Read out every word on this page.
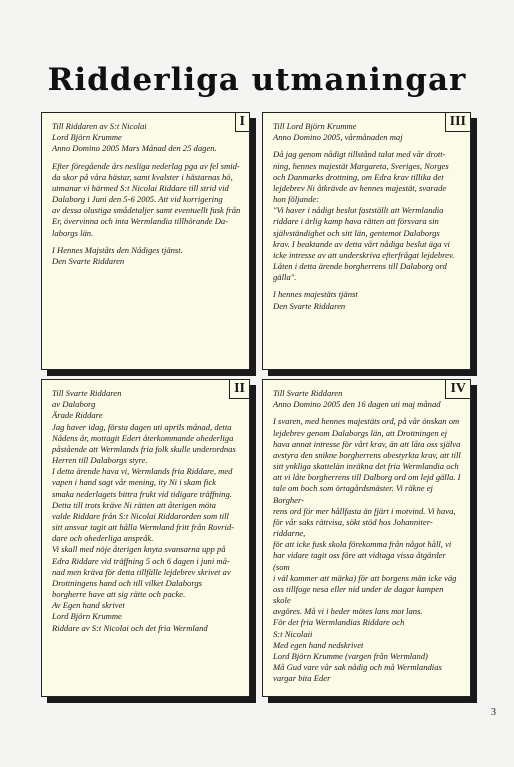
Ridderliga utmaningar
I
Till Riddaren av S:t Nicolai
Lord Björn Krumme
Anno Domino 2005 Mars Månad den 25 dagen.
Efter föregående års nesliga nederlag pga av fel smid-
da skor på våra hästar, samt kvalster i hästarnas hö,
utmanar vi härmed S:t Nicolai Riddare till strid vid
Dalaborg i Juni den 5-6 2005. Att vid korrigering
av dessa olustiga smådetaljer samt eventuellt fusk från
Er, övervinna och inta Wermlandia tillhörande Da-
laborgs län.
I Hennes Majståts den Nådiges tjänst.
Den Svarte Riddaren
III
Till Lord Björn Krumme
Anno Domino 2005, vårmånaden maj
Då jag genom nådigt tillstånd talat med vår drott-
ning, hennes majestät Margareta, Sveriges, Norges
och Danmarks drottning, om Edra krav tillika det
lejdebrev Ni åtkrävde av hennes majestät, svarade
hon följande:
"Vi haver i nådigt beslut fastställt att Wermlandia
riddare i ärlig kamp hava rätten att försvara sin
självständighet och sitt län, gentemot Dalaborgs
krav. I beaktande av detta vårt nådiga beslut äga vi
icke intresse av att underskriva efterfrågat lejdebrev.
Låten i detta ärende borgherrens till Dalaborg ord
gälla".
I hennes majestäts tjänst
Den Svarte Riddaren
II
Till Svarte Riddaren
av Dalaborg
Ärade Riddare
Jag haver idag, första dagen uti aprils månad, detta
Nådens år, mottagit Edert återkommande ohederliga
påstående att Wermlands fria folk skulle underordnas
Herren till Dalaborgs styre.
I detta ärende hava vi, Wermlands fria Riddare, med
vapen i hand sagt vår mening, ity Ni i skam fick
smaka nederlagets bittra frukt vid tidigare träffning.
Detta till trots kräve Ni rätten att återigen möta
valde Riddare från S:t Nicolai Riddarorden som till
sitt ansvar tagit att hålla Wermland fritt från Rovrid-
dare och ohederliga anspråk.
Vi skall med nöje återigen knyta svansarna upp på
Edra Riddare vid träffning 5 och 6 dagen i juni må-
nad men kräva för detta tillfälle lejdebrev skrivet av
Drottningens hand och till vilket Dalaborgs
borgherre have att sig rätte och packe.
Av Egen hand skrivet
Lord Björn Krumme
Riddare av S:t Nicolai och det fria Wermland
IV
Till Svarte Riddaren
Anno Domino 2005 den 16 dagen uti maj månad
I svaren, med hennes majestäts ord, på vår önskan om
lejdebrev genom Dalaborgs län, att Drottningen ej
hava annat intresse för vårt krav, än att låta oss själva
avstyra den snikne borgherrens obestyrkta krav, att till
sitt ynkliga skattelän inräkna det fria Wermlandia och
att vi låte borgherrens till Dalborg ord om lejd gälla. I
tale om boch som örtagårdsmäster. Vi räkne ej Borgher-
rens ord för mer hållfasta än fjärt i motvind. Vi hava,
för vår saks rättvisa, sökt stöd hos Johanniter-riddarne,
för att icke fusk skola förekomma från något håll, vi
har vidare tagit oss före att vidtaga vissa åtgärder (som
i väl kommer att märka) för att borgens män icke väg
oss tillfoge nesa eller nid under de dagar kampen skole
avgöres. Må vi i heder mötes lans mot lans.
För det fria Wermlandias Riddare och
S:t Nicolaii
Med egen hand nedskrivet
Lord Björn Krumme (vargen från Wermland)
Må Gud vare vår sak nådig och må Wermlandias
vargar bita Eder
3
